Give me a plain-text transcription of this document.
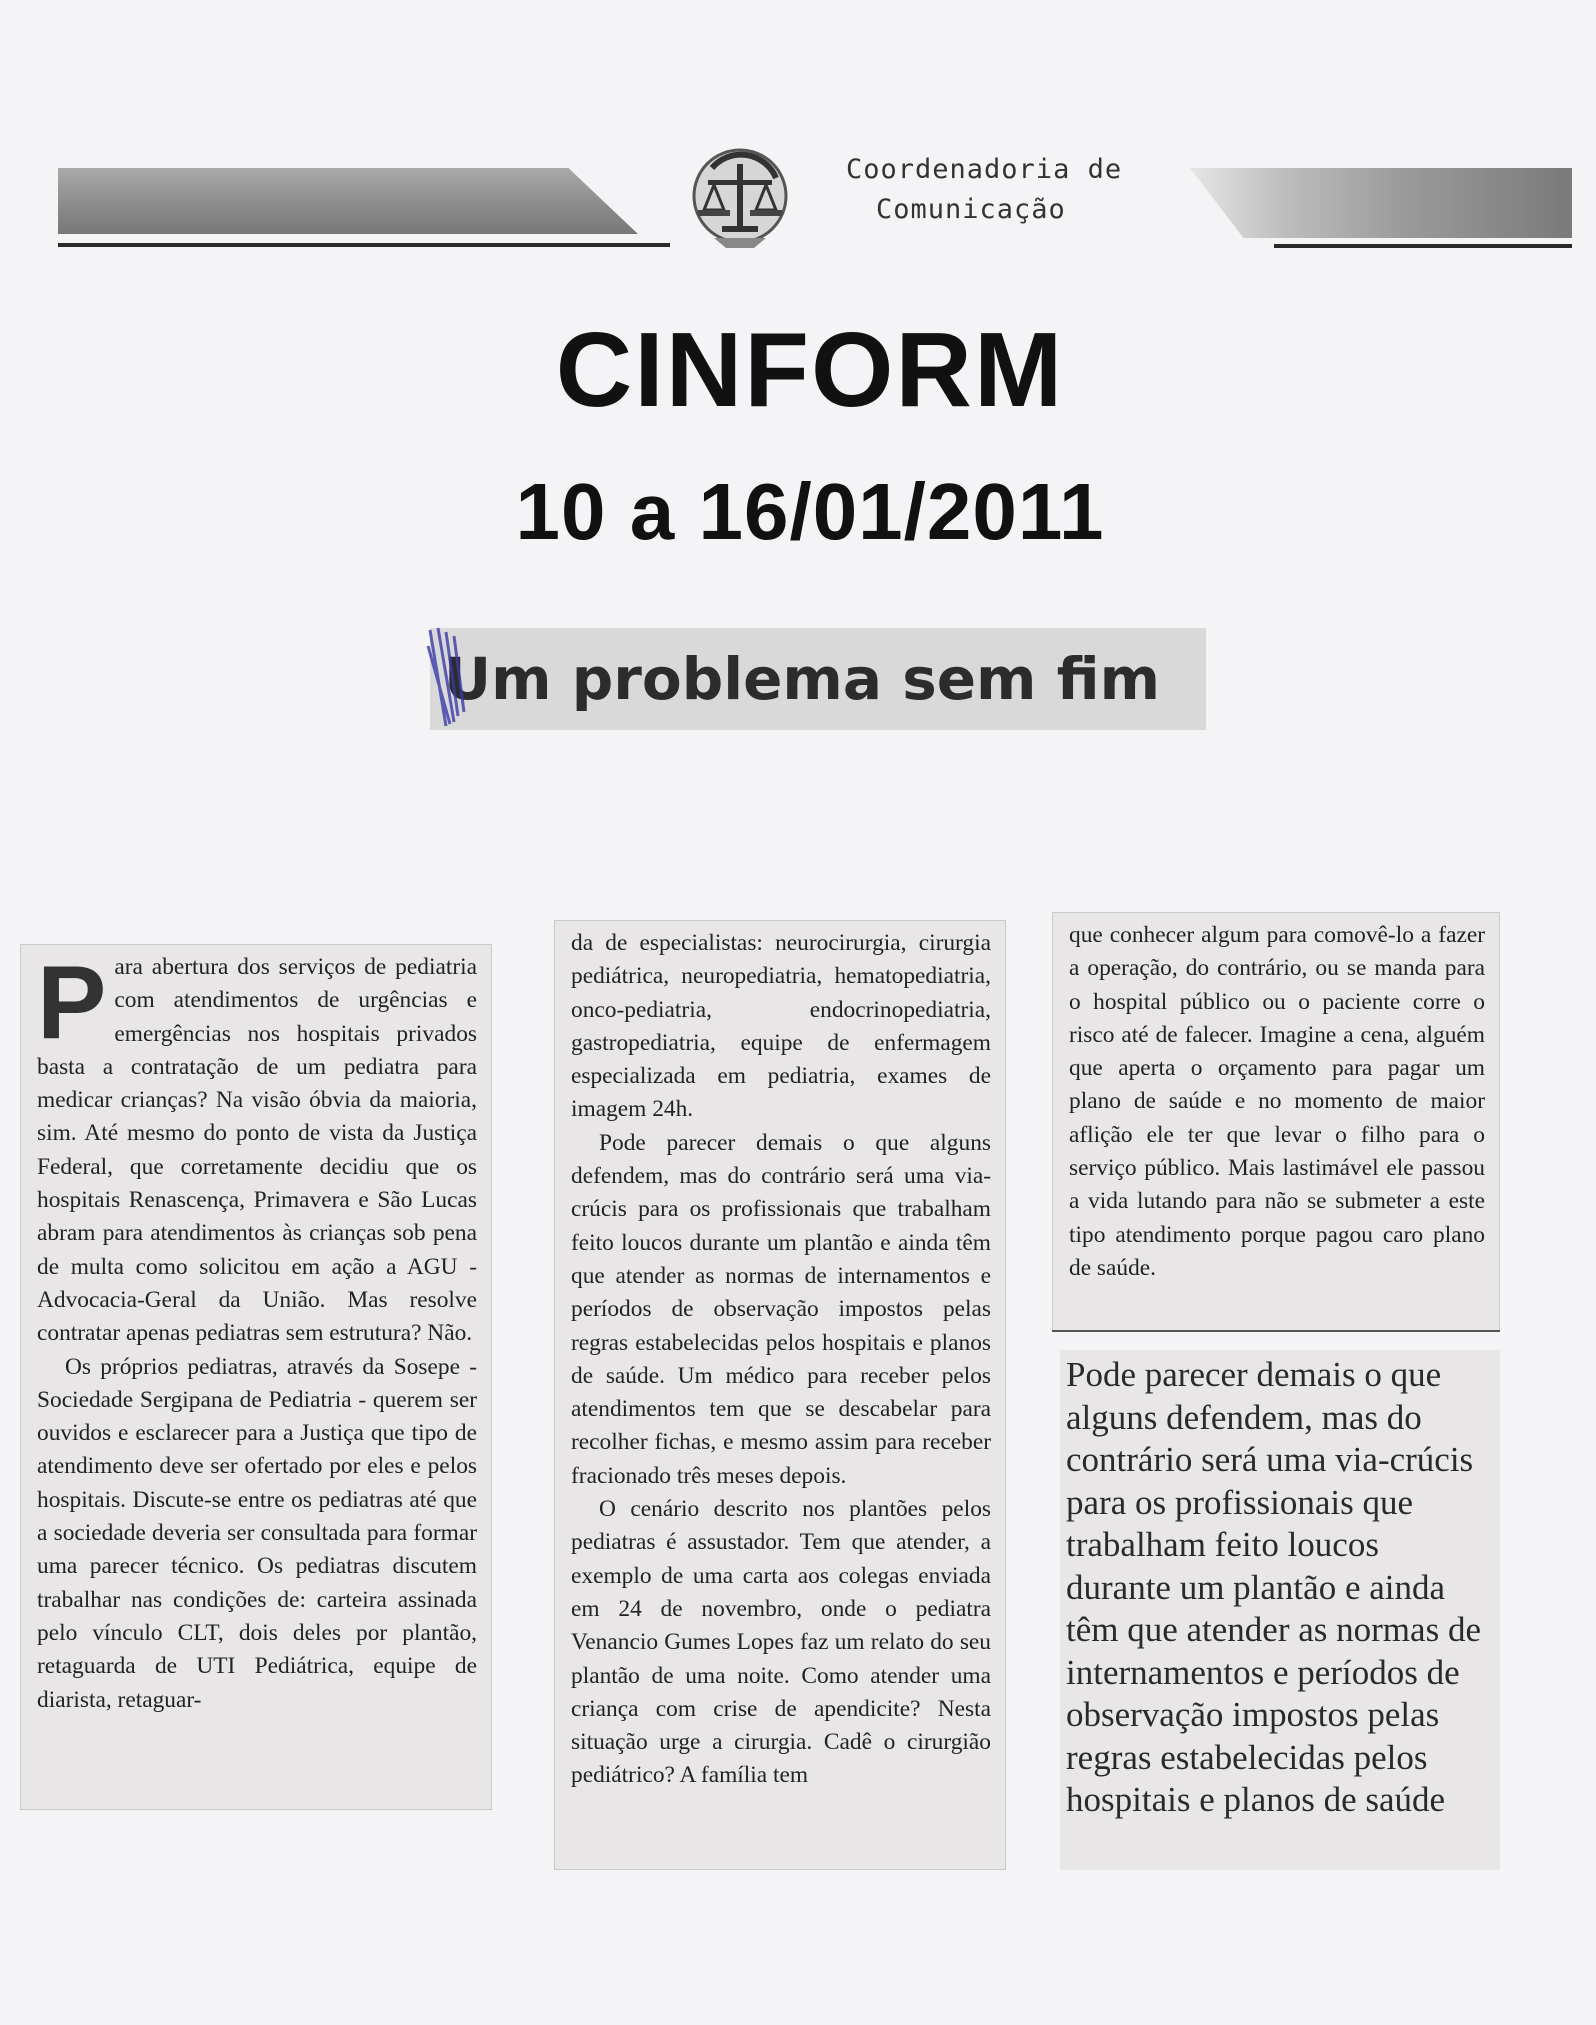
Coordenadoria de
Comunicação
CINFORM
10 a 16/01/2011
Um problema sem fim
P ara abertura dos serviços de pediatria com atendimentos de urgências e emergências nos hospitais privados basta a contratação de um pediatra para medicar crianças? Na visão óbvia da maioria, sim. Até mesmo do ponto de vista da Justiça Federal, que corretamente decidiu que os hospitais Renascença, Primavera e São Lucas abram para atendimentos às crianças sob pena de multa como solicitou em ação a AGU - Advocacia-Geral da União. Mas resolve contratar apenas pediatras sem estrutura? Não.

Os próprios pediatras, através da Sosepe - Sociedade Sergipana de Pediatria - querem ser ouvidos e esclarecer para a Justiça que tipo de atendimento deve ser ofertado por eles e pelos hospitais. Discute-se entre os pediatras até que a sociedade deveria ser consultada para formar uma parecer técnico. Os pediatras discutem trabalhar nas condições de: carteira assinada pelo vínculo CLT, dois deles por plantão, retaguarda de UTI Pediátrica, equipe de diarista, retaguar-

da de especialistas: neurocirurgia, cirurgia pediátrica, neuropediatria, hematopediatria, onco-pediatria, endocrinopediatria, gastropediatria, equipe de enfermagem especializada em pediatria, exames de imagem 24h.

Pode parecer demais o que alguns defendem, mas do contrário será uma via-crúcis para os profissionais que trabalham feito loucos durante um plantão e ainda têm que atender as normas de internamentos e períodos de observação impostos pelas regras estabelecidas pelos hospitais e planos de saúde. Um médico para receber pelos atendimentos tem que se descabelar para recolher fichas, e mesmo assim para receber fracionado três meses depois.

O cenário descrito nos plantões pelos pediatras é assustador. Tem que atender, a exemplo de uma carta aos colegas enviada em 24 de novembro, onde o pediatra Venancio Gumes Lopes faz um relato do seu plantão de uma noite. Como atender uma criança com crise de apendicite? Nesta situação urge a cirurgia. Cadê o cirurgião pediátrico? A família tem

que conhecer algum para comovê-lo a fazer a operação, do contrário, ou se manda para o hospital público ou o paciente corre o risco até de falecer. Imagine a cena, alguém que aperta o orçamento para pagar um plano de saúde e no momento de maior aflição ele ter que levar o filho para o serviço público. Mais lastimável ele passou a vida lutando para não se submeter a este tipo atendimento porque pagou caro plano de saúde.

Pode parecer demais o que alguns defendem, mas do contrário será uma via-crúcis para os profissionais que trabalham feito loucos durante um plantão e ainda têm que atender as normas de internamentos e períodos de observação impostos pelas regras estabelecidas pelos hospitais e planos de saúde
